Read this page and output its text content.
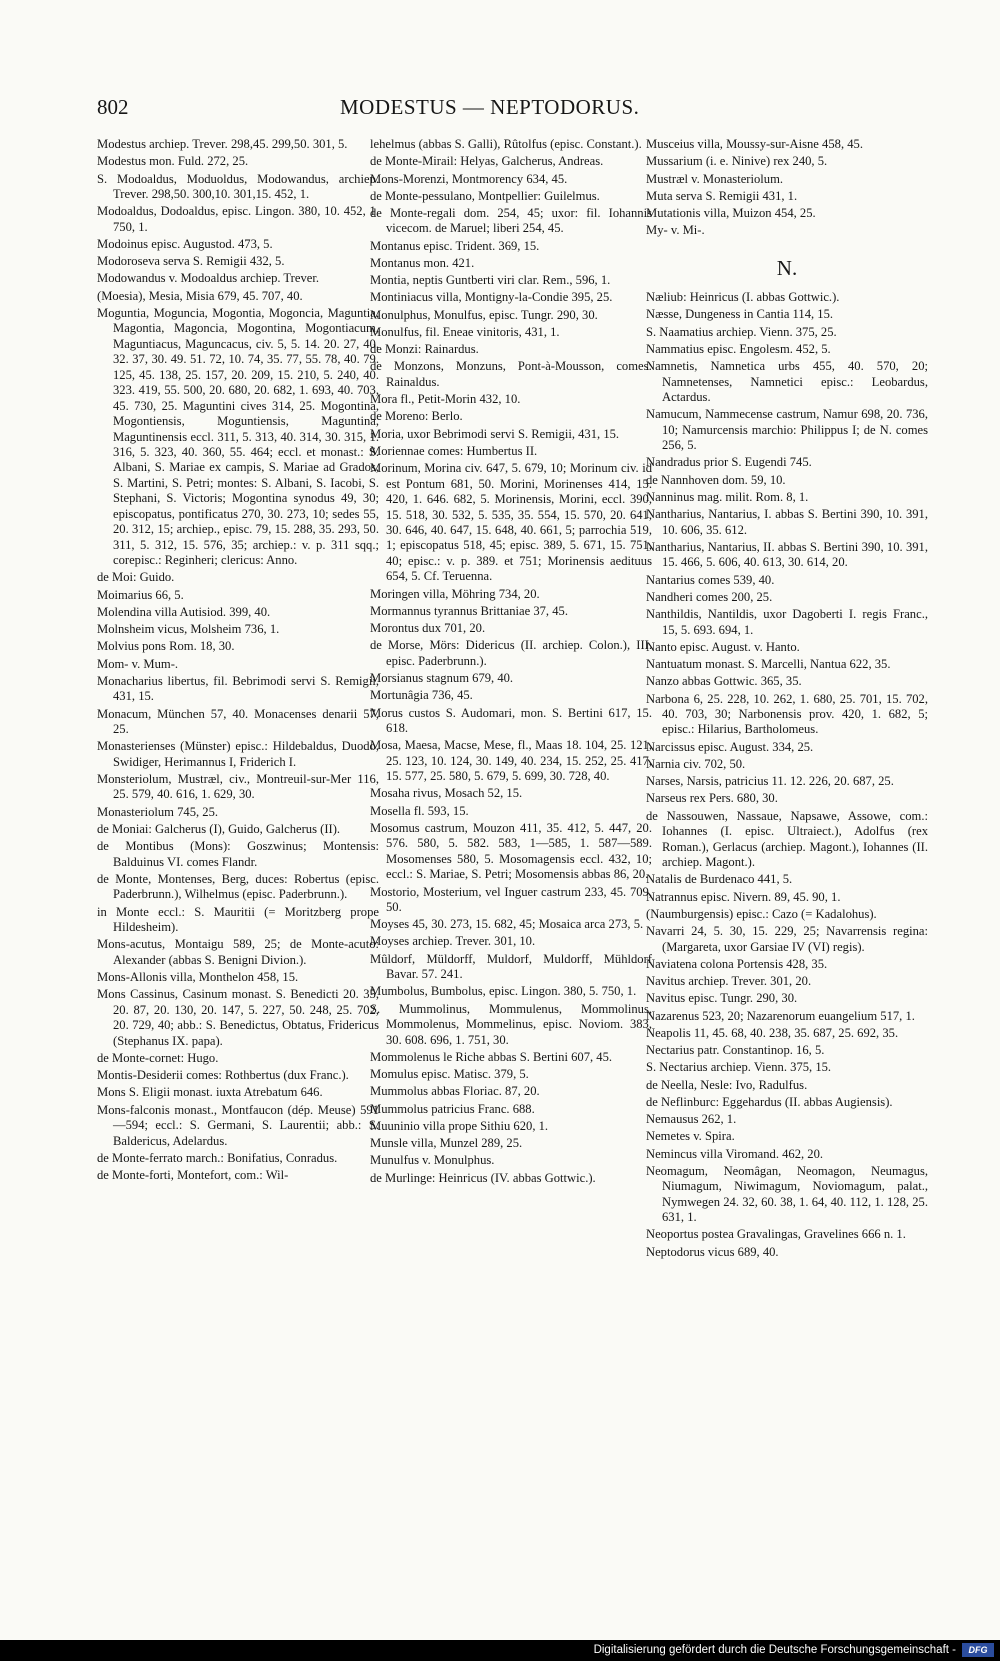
802	MODESTUS — NEPTODORUS.
Modestus archiep. Trever. 298,45. 299,50. 301, 5.
Modestus mon. Fuld. 272, 25.
S. Modoaldus, Moduoldus, Modowandus, archiep. Trever. 298,50. 300,10. 301,15. 452, 1.
Modoaldus, Dodoaldus, episc. Lingon. 380, 10. 452, 1. 750, 1.
Modoinus episc. Augustod. 473, 5.
Modoroseva serva S. Remigii 432, 5.
Modowandus v. Modoaldus archiep. Trever.
(Moesia), Mesia, Misia 679, 45. 707, 40.
Moguntia, Moguncia, Mogontia, Mogoncia, Maguntia, Magontia, Magoncia, Mogontina, Mogontiacum, Maguntiacus, Maguncacus, civ. 5, 5. 14. 20. 27, 40. 32. 37, 30. 49. 51. 72, 10. 74, 35. 77, 55. 78, 40. 79. 125, 45. 138, 25. 157, 20. 209, 15. 210, 5. 240, 40. 323. 419, 55. 500, 20. 680, 20. 682, 1. 693, 40. 703, 45. 730, 25. Maguntini cives 314, 25. Mogontina, Mogontiensis, Moguntiensis, Maguntina, Maguntinensis eccl. 311, 5. 313, 40. 314, 30. 315, 1. 316, 5. 323, 40. 360, 55. 464; eccl. et monast.: S. Albani, S. Mariae ex campis, S. Mariae ad Grados, S. Martini, S. Petri; montes: S. Albani, S. Iacobi, S. Stephani, S. Victoris; Mogontina synodus 49, 30; episcopatus, pontificatus 270, 30. 273, 10; sedes 55, 20. 312, 15; archiep., episc. 79, 15. 288, 35. 293, 50. 311, 5. 312, 15. 576, 35; archiep.: v. p. 311 sqq.; corepisc.: Reginheri; clericus: Anno.
de Moi: Guido.
Moimarius 66, 5.
Molendina villa Autisiod. 399, 40.
Molnsheim vicus, Molsheim 736, 1.
Molvius pons Rom. 18, 30.
Mom- v. Mum-.
Monacharius libertus, fil. Bebrimodi servi S. Remigii, 431, 15.
Monacum, München 57, 40. Monacenses denarii 57, 25.
Monasterienses (Münster) episc.: Hildebaldus, Duodo, Swidiger, Herimannus I, Friderich I.
Monsteriolum, Mustræl, civ., Montreuil-sur-Mer 116, 25. 579, 40. 616, 1. 629, 30.
Monasteriolum 745, 25.
de Moniai: Galcherus (I), Guido, Galcherus (II).
de Montibus (Mons): Goszwinus; Montensis: Balduinus VI. comes Flandr.
de Monte, Montenses, Berg, duces: Robertus (episc. Paderbrunn.), Wilhelmus (episc. Paderbrunn.).
in Monte eccl.: S. Mauritii (= Moritzberg prope Hildesheim).
Mons-acutus, Montaigu 589, 25; de Monte-acuto: Alexander (abbas S. Benigni Divion.).
Mons-Allonis villa, Monthelon 458, 15.
Mons Cassinus, Casinum monast. S. Benedicti 20. 35, 20. 87, 20. 130, 20. 147, 5. 227, 50. 248, 25. 702, 20. 729, 40; abb.: S. Benedictus, Obtatus, Fridericus (Stephanus IX. papa).
de Monte-cornet: Hugo.
Montis-Desiderii comes: Rothbertus (dux Franc.).
Mons S. Eligii monast. iuxta Atrebatum 646.
Mons-falconis monast., Montfaucon (dép. Meuse) 591—594; eccl.: S. Germani, S. Laurentii; abb.: S. Baldericus, Adelardus.
de Monte-ferrato march.: Bonifatius, Conradus.
de Monte-forti, Montefort, com.: Wil-
lehelmus (abbas S. Galli), Rûtolfus (episc. Constant.).
de Monte-Mirail: Helyas, Galcherus, Andreas.
Mons-Morenzi, Montmorency 634, 45.
de Monte-pessulano, Montpellier: Guilelmus.
de Monte-regali dom. 254, 45; uxor: fil. Iohannis vicecom. de Maruel; liberi 254, 45.
Montanus episc. Trident. 369, 15.
Montanus mon. 421.
Montia, neptis Guntberti viri clar. Rem., 596, 1.
Montiniacus villa, Montigny-la-Condie 395, 25.
Monulphus, Monulfus, episc. Tungr. 290, 30.
Monulfus, fil. Eneae vinitoris, 431, 1.
de Monzi: Rainardus.
de Monzons, Monzuns, Pont-à-Mousson, comes: Rainaldus.
Mora fl., Petit-Morin 432, 10.
de Moreno: Berlo.
Moria, uxor Bebrimodi servi S. Remigii, 431, 15.
Moriennae comes: Humbertus II.
Morinum, Morina civ. 647, 5. 679, 10; Morinum civ. id est Pontum 681, 50. Morini, Morinenses 414, 15. 420, 1. 646. 682, 5. Morinensis, Morini, eccl. 390, 15. 518, 30. 532, 5. 535, 35. 554, 15. 570, 20. 641, 30. 646, 40. 647, 15. 648, 40. 661, 5; parrochia 519, 1; episcopatus 518, 45; episc. 389, 5. 671, 15. 751, 40; episc.: v. p. 389. et 751; Morinensis aedituus 654, 5. Cf. Teruenna.
Moringen villa, Möhring 734, 20.
Mormannus tyrannus Brittaniae 37, 45.
Morontus dux 701, 20.
de Morse, Mörs: Didericus (II. archiep. Colon.), III. episc. Paderbrunn.).
Morsianus stagnum 679, 40.
Mortunâgia 736, 45.
Morus custos S. Audomari, mon. S. Bertini 617, 15. 618.
Mosa, Maesa, Macse, Mese, fl., Maas 18. 104, 25. 121, 25. 123, 10. 124, 30. 149, 40. 234, 15. 252, 25. 417, 15. 577, 25. 580, 5. 679, 5. 699, 30. 728, 40.
Mosaha rivus, Mosach 52, 15.
Mosella fl. 593, 15.
Mosomus castrum, Mouzon 411, 35. 412, 5. 447, 20. 576. 580, 5. 582. 583, 1—585, 1. 587—589. Mosomenses 580, 5. Mosomagensis eccl. 432, 10; eccl.: S. Mariae, S. Petri; Mosomensis abbas 86, 20.
Mostorio, Mosterium, vel Inguer castrum 233, 45. 709, 50.
Moyses 45, 30. 273, 15. 682, 45; Mosaica arca 273, 5.
Moyses archiep. Trever. 301, 10.
Mûldorf, Müldorff, Muldorf, Muldorff, Mühldorf Bavar. 57. 241.
Mumbolus, Bumbolus, episc. Lingon. 380, 5. 750, 1.
S. Mummolinus, Mommulenus, Mommolinus, Mommolenus, Mommelinus, episc. Noviom. 383, 30. 608. 696, 1. 751, 30.
Mommolenus le Riche abbas S. Bertini 607, 45.
Momulus episc. Matisc. 379, 5.
Mummolus abbas Floriac. 87, 20.
Mummolus patricius Franc. 688.
Muuninio villa prope Sithiu 620, 1.
Munsle villa, Munzel 289, 25.
Munulfus v. Monulphus.
de Murlinge: Heinricus (IV. abbas Gottwic.).
Musceius villa, Moussy-sur-Aisne 458, 45.
Mussarium (i. e. Ninive) rex 240, 5.
Mustræl v. Monasteriolum.
Muta serva S. Remigii 431, 1.
Mutationis villa, Muizon 454, 25.
My- v. Mi-.
N.
Næliub: Heinricus (I. abbas Gottwic.).
Næsse, Dungeness in Cantia 114, 15.
S. Naamatius archiep. Vienn. 375, 25.
Nammatius episc. Engolesm. 452, 5.
Namnetis, Namnetica urbs 455, 40. 570, 20; Namnetenses, Namnetici episc.: Leobardus, Actardus.
Namucum, Nammecense castrum, Namur 698, 20. 736, 10; Namurcensis marchio: Philippus I; de N. comes 256, 5.
Nandradus prior S. Eugendi 745.
de Nannhoven dom. 59, 10.
Nanninus mag. milit. Rom. 8, 1.
Nantharius, Nantarius, I. abbas S. Bertini 390, 10. 391, 10. 606, 35. 612.
Nantharius, Nantarius, II. abbas S. Bertini 390, 10. 391, 15. 466, 5. 606, 40. 613, 30. 614, 20.
Nantarius comes 539, 40.
Nandheri comes 200, 25.
Nanthildis, Nantildis, uxor Dagoberti I. regis Franc., 15, 5. 693. 694, 1.
Nanto episc. August. v. Hanto.
Nantuatum monast. S. Marcelli, Nantua 622, 35.
Nanzo abbas Gottwic. 365, 35.
Narbona 6, 25. 228, 10. 262, 1. 680, 25. 701, 15. 702, 40. 703, 30; Narbonensis prov. 420, 1. 682, 5; episc.: Hilarius, Bartholomeus.
Narcissus episc. August. 334, 25.
Narnia civ. 702, 50.
Narses, Narsis, patricius 11. 12. 226, 20. 687, 25.
Narseus rex Pers. 680, 30.
de Nassouwen, Nassaue, Napsawe, Assowe, com.: Iohannes (I. episc. Ultraiect.), Adolfus (rex Roman.), Gerlacus (archiep. Magont.), Iohannes (II. archiep. Magont.).
Natalis de Burdenaco 441, 5.
Natrannus episc. Nivern. 89, 45. 90, 1.
(Naumburgensis) episc.: Cazo (= Kadalohus).
Navarri 24, 5. 30, 15. 229, 25; Navarrensis regina: (Margareta, uxor Garsiae IV (VI) regis).
Naviatena colona Portensis 428, 35.
Navitus archiep. Trever. 301, 20.
Navitus episc. Tungr. 290, 30.
Nazarenus 523, 20; Nazarenorum euangelium 517, 1.
Neapolis 11, 45. 68, 40. 238, 35. 687, 25. 692, 35.
Nectarius patr. Constantinop. 16, 5.
S. Nectarius archiep. Vienn. 375, 15.
de Neella, Nesle: Ivo, Radulfus.
de Neflinburc: Eggehardus (II. abbas Augiensis).
Nemausus 262, 1.
Nemetes v. Spira.
Nemincus villa Viromand. 462, 20.
Neomagum, Neomâgan, Neomagon, Neumagus, Niumagum, Niwimagum, Noviomagum, palat., Nymwegen 24. 32, 60. 38, 1. 64, 40. 112, 1. 128, 25. 631, 1.
Neoportus postea Gravalingas, Gravelines 666 n. 1.
Neptodorus vicus 689, 40.
Digitalisierung gefördert durch die Deutsche Forschungsgemeinschaft -	DFG
